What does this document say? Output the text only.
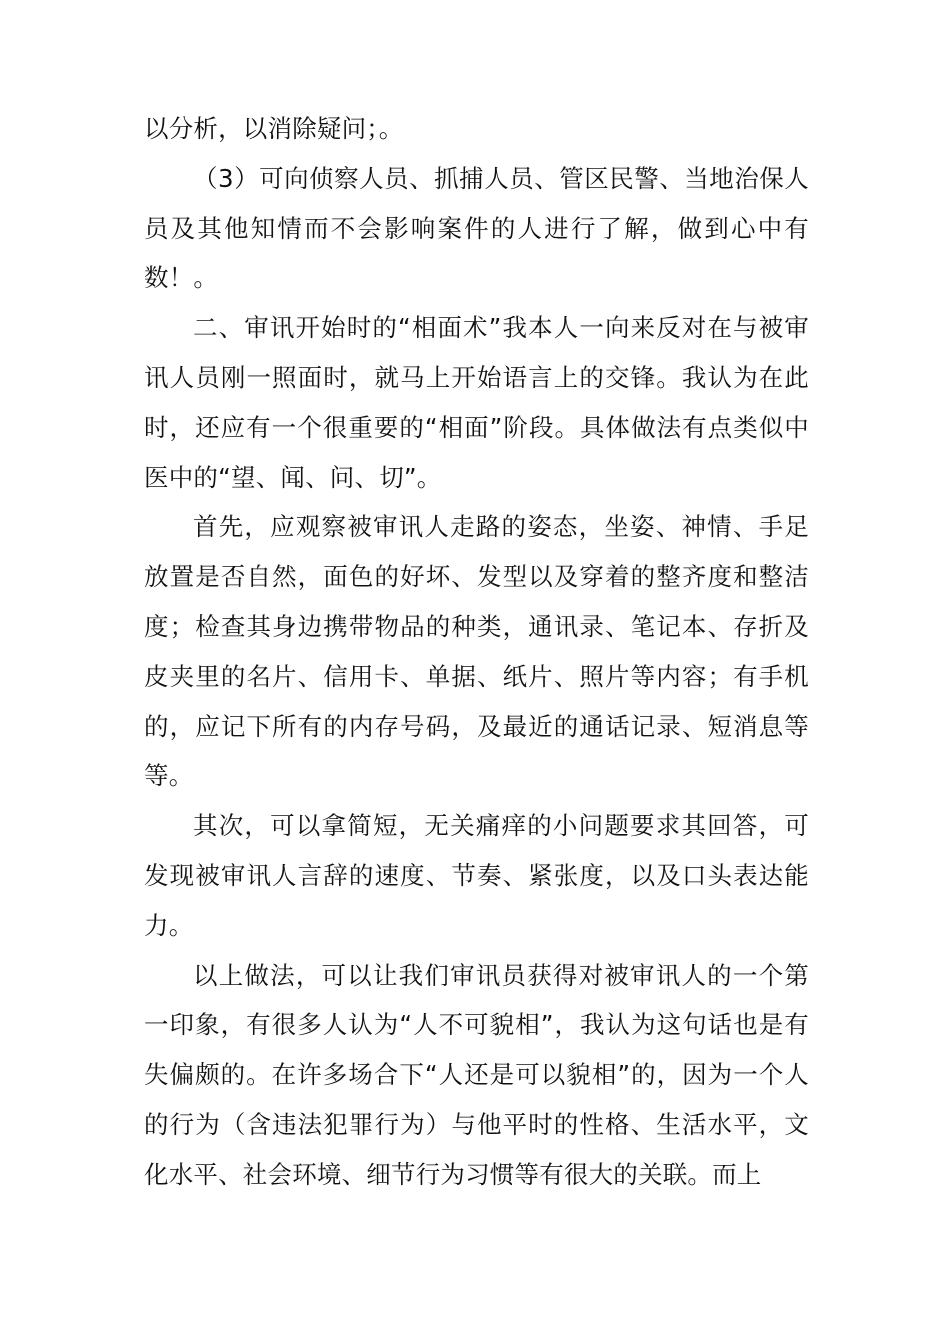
以分析，以消除疑问；。

（3）可向侦察人员、抓捕人员、管区民警、当地治保人员及其他知情而不会影响案件的人进行了解，做到心中有数！。

二、审讯开始时的“相面术”我本人一向来反对在与被审讯人员刚一照面时，就马上开始语言上的交锋。我认为在此时，还应有一个很重要的“相面”阶段。具体做法有点类似中医中的“望、闻、问、切”。

首先，应观察被审讯人走路的姿态，坐姿、神情、手足放置是否自然，面色的好坏、发型以及穿着的整齐度和整洁度；检查其身边携带物品的种类，通讯录、笔记本、存折及皮夹里的名片、信用卡、单据、纸片、照片等内容；有手机的，应记下所有的内存号码，及最近的通话记录、短消息等等。

其次，可以拿简短，无关痛痒的小问题要求其回答，可发现被审讯人言辞的速度、节奏、紧张度，以及口头表达能力。

以上做法，可以让我们审讯员获得对被审讯人的一个第一印象，有很多人认为“人不可貌相”，我认为这句话也是有失偏颇的。在许多场合下“人还是可以貌相”的，因为一个人的行为（含违法犯罪行为）与他平时的性格、生活水平，文化水平、社会环境、细节行为习惯等有很大的关联。而上
